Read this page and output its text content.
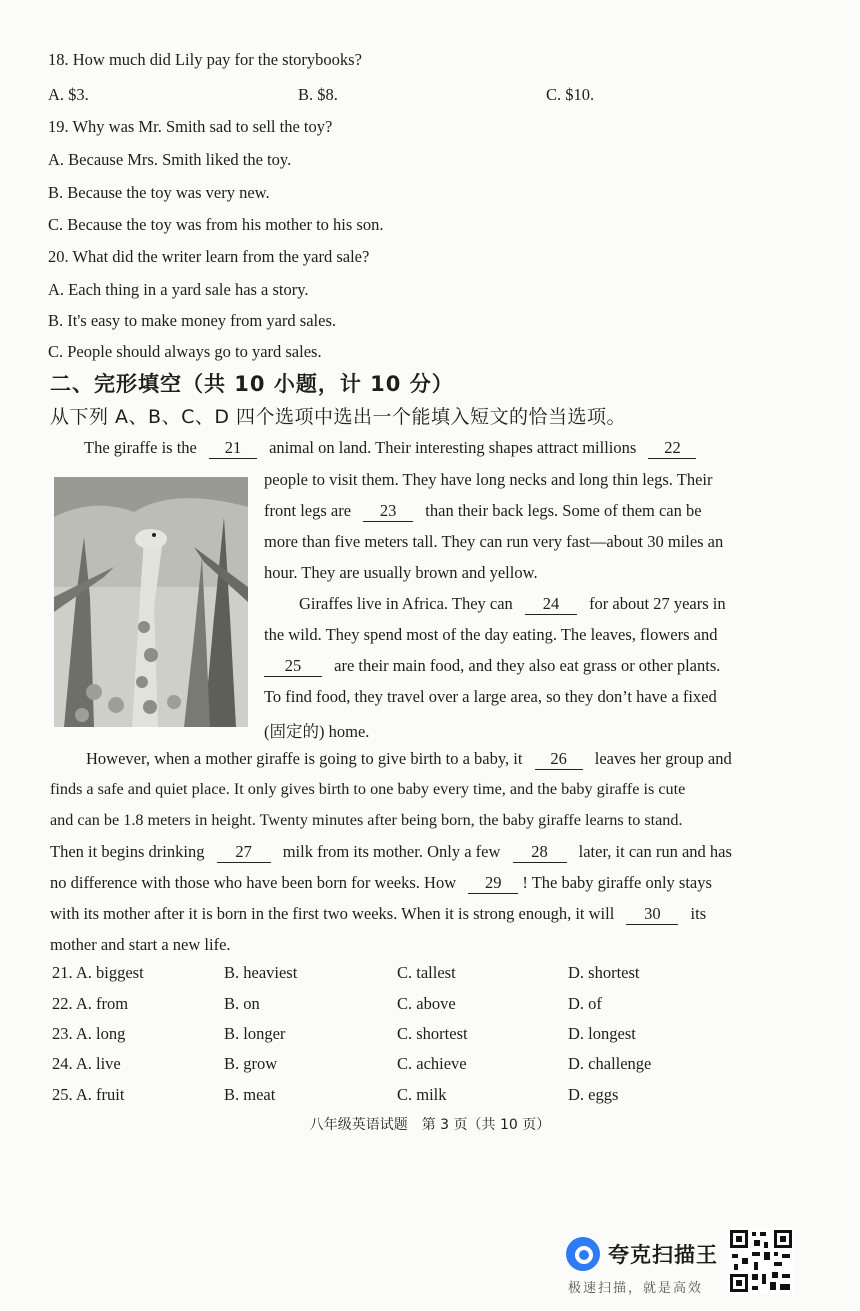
18. How much did Lily pay for the storybooks?
A. $3.	B. $8.	C. $10.
19. Why was Mr. Smith sad to sell the toy?
A. Because Mrs. Smith liked the toy.
B. Because the toy was very new.
C. Because the toy was from his mother to his son.
20. What did the writer learn from the yard sale?
A. Each thing in a yard sale has a story.
B. It's easy to make money from yard sales.
C. People should always go to yard sales.
二、完形填空（共 10 小题，计 10 分）
从下列 A、B、C、D 四个选项中选出一个能填入短文的恰当选项。
The giraffe is the 21 animal on land. Their interesting shapes attract millions 22
people to visit them. They have long necks and long thin legs. Their
front legs are 23 than their back legs. Some of them can be
more than five meters tall. They can run very fast—about 30 miles an
hour. They are usually brown and yellow.
Giraffes live in Africa. They can 24 for about 27 years in
the wild. They spend most of the day eating. The leaves, flowers and
25 are their main food, and they also eat grass or other plants.
To find food, they travel over a large area, so they don’t have a fixed
(固定的) home.
However, when a mother giraffe is going to give birth to a baby, it 26 leaves her group and
finds a safe and quiet place. It only gives birth to one baby every time, and the baby giraffe is cute
and can be 1.8 meters in height. Twenty minutes after being born, the baby giraffe learns to stand.
Then it begins drinking 27 milk from its mother. Only a few 28 later, it can run and has
no difference with those who have been born for weeks. How 29 ! The baby giraffe only stays
with its mother after it is born in the first two weeks. When it is strong enough, it will 30 its
mother and start a new life.
21. A. biggest	B. heaviest	C. tallest	D. shortest
22. A. from	B. on	C. above	D. of
23. A. long	B. longer	C. shortest	D. longest
24. A. live	B. grow	C. achieve	D. challenge
25. A. fruit	B. meat	C. milk	D. eggs
八年级英语试题　第 3 页（共 10 页）
夸克扫描王
极速扫描，就是高效
